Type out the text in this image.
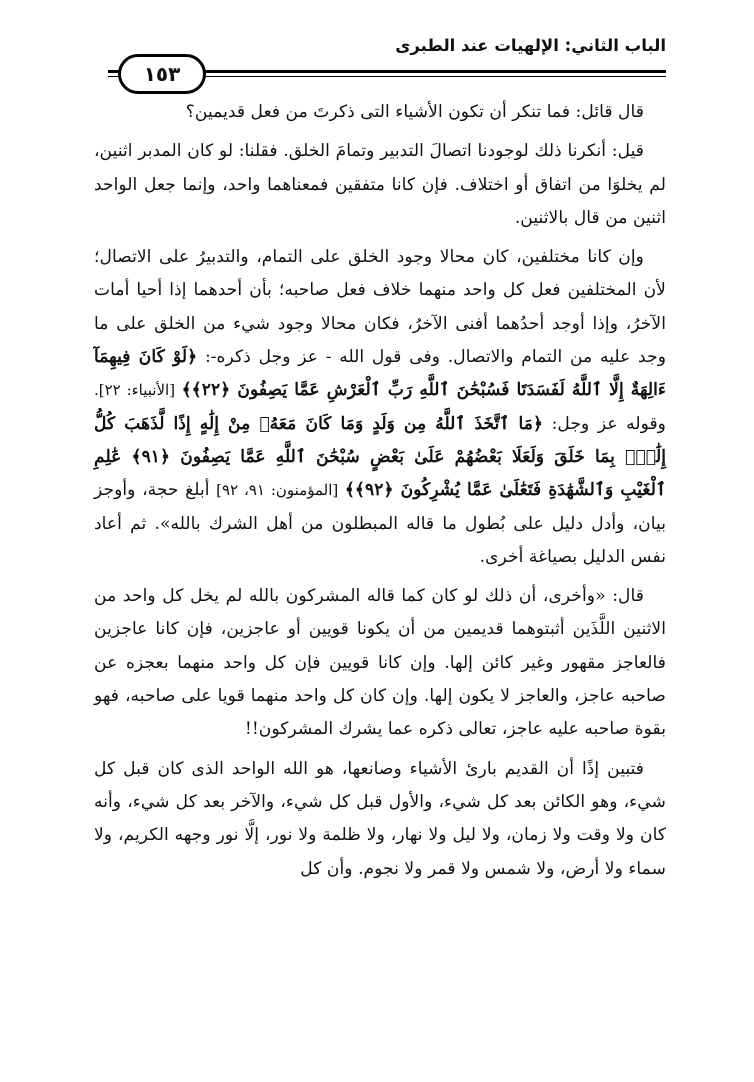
الباب الثاني: الإلهيات عند الطبرى
١٥٣

قال قائل: فما تنكر أن تكون الأشياء التى ذكرتَ من فعل قديمين؟

قيل: أنكرنا ذلك لوجودنا اتصالَ التدبير وتمامَ الخلق. فقلنا: لو كان المدبر اثنين، لم يخلوَا من اتفاق أو اختلاف. فإن كانا متفقين فمعناهما واحد، وإنما جعل الواحد اثنين من قال بالاثنين.

وإن كانا مختلفين، كان محالا وجود الخلق على التمام، والتدبيرُ على الاتصال؛ لأن المختلفين فعل كل واحد منهما خلاف فعل صاحبه؛ بأن أحدهما إذا أحيا أمات الآخرُ، وإذا أوجد أحدُهما أفنى الآخرُ، فكان محالا وجود شيء من الخلق على ما وجد عليه من التمام والاتصال. وفى قول الله - عز وجل ذكره-: ﴿لَوْ كَانَ فِيهِمَآ ءَالِهَةٌ إِلَّا ٱللَّهُ لَفَسَدَتَا فَسُبْحَٰنَ ٱللَّهِ رَبِّ ٱلْعَرْشِ عَمَّا يَصِفُونَ ﴿٢٢﴾﴾ [الأنبياء: ٢٢]. وقوله عز وجل: ﴿مَا ٱتَّخَذَ ٱللَّهُ مِن وَلَدٍ وَمَا كَانَ مَعَهُۥ مِنْ إِلَٰهٍ إِذًا لَّذَهَبَ كُلُّ إِلَٰهٍۭ بِمَا خَلَقَ وَلَعَلَا بَعْضُهُمْ عَلَىٰ بَعْضٍ سُبْحَٰنَ ٱللَّهِ عَمَّا يَصِفُونَ ﴿٩١﴾ عَٰلِمِ ٱلْغَيْبِ وَٱلشَّهَٰدَةِ فَتَعَٰلَىٰ عَمَّا يُشْرِكُونَ ﴿٩٢﴾﴾ [المؤمنون: ٩١، ٩٢] أبلغ حجة، وأوجز بيان، وأدل دليل على بُطول ما قاله المبطلون من أهل الشرك بالله». ثم أعاد نفس الدليل بصياغة أخرى.

قال: «وأخرى، أن ذلك لو كان كما قاله المشركون بالله لم يخل كل واحد من الاثنين اللَّذَين أثبتوهما قديمين من أن يكونا قويين أو عاجزين، فإن كانا عاجزين فالعاجز مقهور وغير كائن إلها. وإن كانا قويين فإن كل واحد منهما بعجزه عن صاحبه عاجز، والعاجز لا يكون إلها. وإن كان كل واحد منهما قويا على صاحبه، فهو بقوة صاحبه عليه عاجز، تعالى ذكره عما يشرك المشركون!!

فتبين إذًا أن القديم بارئ الأشياء وصانعها، هو الله الواحد الذى كان قبل كل شيء، وهو الكائن بعد كل شيء، والأول قبل كل شيء، والآخر بعد كل شيء، وأنه كان ولا وقت ولا زمان، ولا ليل ولا نهار، ولا ظلمة ولا نور، إلَّا نور وجهه الكريم، ولا سماء ولا أرض، ولا شمس ولا قمر ولا نجوم. وأن كل
